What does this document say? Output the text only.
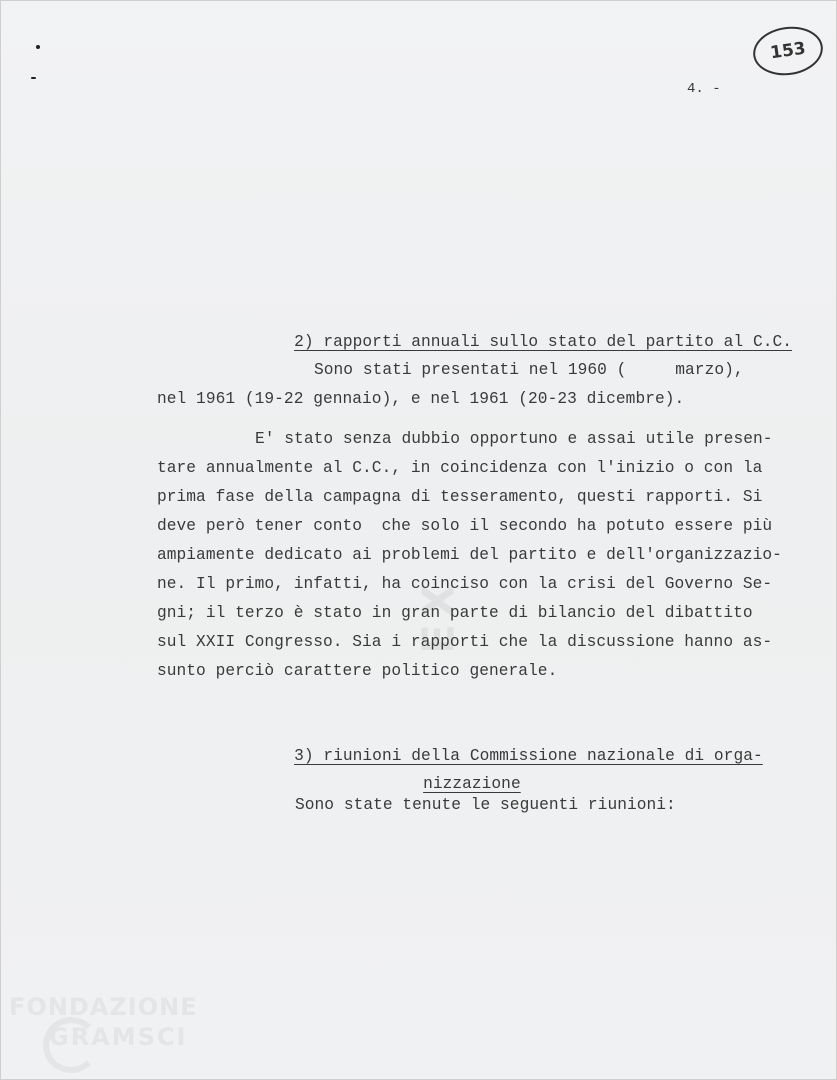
153
4. -
EX

2) rapporti annuali sullo stato del partito al C.C.

Sono stati presentati nel 1960 (     marzo),
nel 1961 (19-22 gennaio), e nel 1961 (20-23 dicembre).
E' stato senza dubbio opportuno e assai utile presen-
tare annualmente al C.C., in coincidenza con l'inizio o con la
prima fase della campagna di tesseramento, questi rapporti. Si
deve però tener conto  che solo il secondo ha potuto essere più
ampiamente dedicato ai problemi del partito e dell'organizzazio-
ne. Il primo, infatti, ha coinciso con la crisi del Governo Se-
gni; il terzo è stato in gran parte di bilancio del dibattito
sul XXII Congresso. Sia i rapporti che la discussione hanno as-
sunto perciò carattere politico generale.

3) riunioni della Commissione nazionale di orga-

nizzazione

Sono state tenute le seguenti riunioni:
FONDAZIONE
GRAMSCI
